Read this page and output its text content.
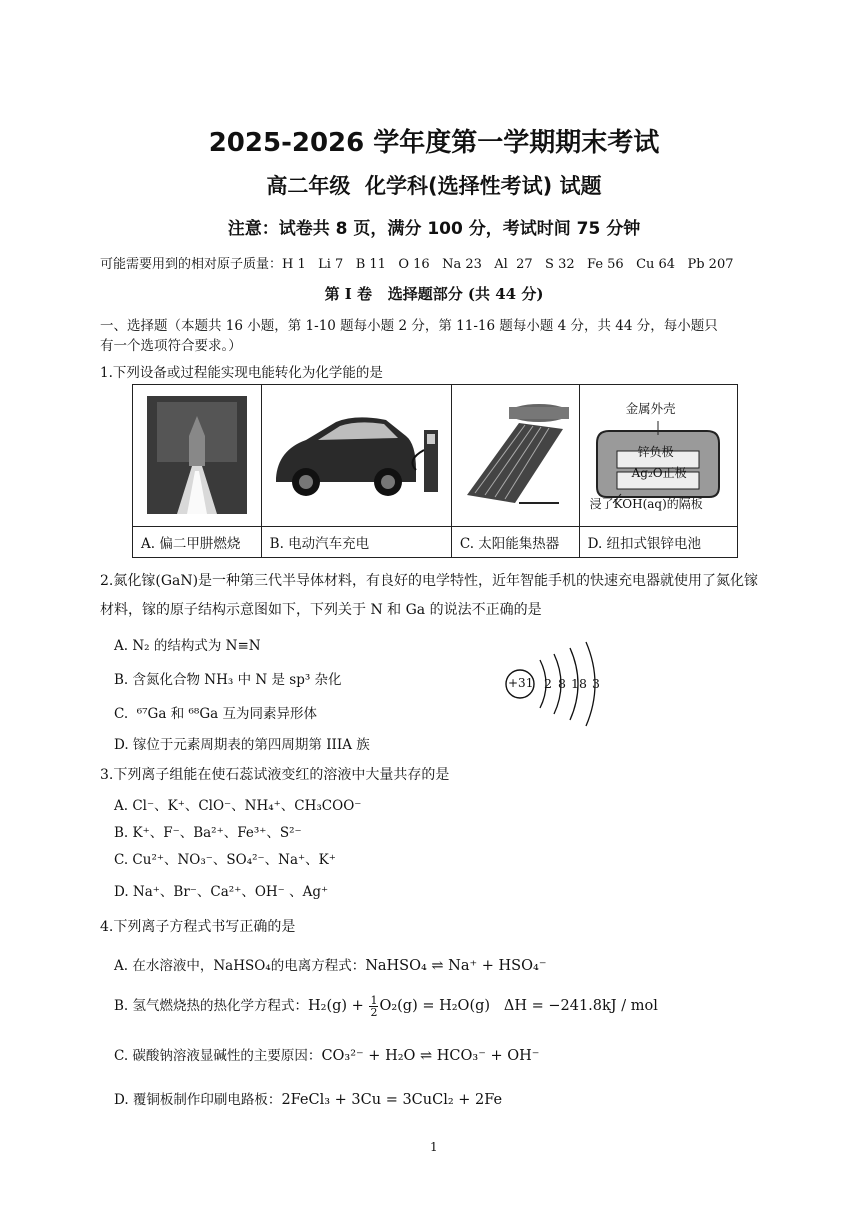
2025-2026 学年度第一学期期末考试
高二年级  化学科(选择性考试) 试题
注意：试卷共 8 页，满分 100 分，考试时间 75 分钟
可能需要用到的相对原子质量：H 1   Li 7   B 11   O 16   Na 23   Al  27   S 32   Fe 56   Cu 64   Pb 207
第 I 卷   选择题部分 (共 44 分)
一、选择题（本题共 16 小题，第 1-10 题每小题 2 分，第 11-16 题每小题 4 分，共 44 分，每小题只
有一个选项符合要求。）
1.下列设备或过程能实现电能转化为化学能的是

金属外壳
锌负极
Ag₂O正极
浸了KOH(aq)的隔板

A. 偏二甲肼燃烧	B. 电动汽车充电	C. 太阳能集热器	D. 纽扣式银锌电池
2.氮化镓(GaN)是一种第三代半导体材料，有良好的电学特性，近年智能手机的快速充电器就使用了氮化镓
材料，镓的原子结构示意图如下，下列关于 N 和 Ga 的说法不正确的是
A. N₂ 的结构式为 N≡N
B. 含氮化合物 NH₃ 中 N 是 sp³ 杂化
C.  ⁶⁷Ga 和 ⁶⁸Ga 互为同素异形体
D. 镓位于元素周期表的第四周期第 IIIA 族
+31 2 8 18 3
3.下列离子组能在使石蕊试液变红的溶液中大量共存的是
A. Cl⁻、K⁺、ClO⁻、NH₄⁺、CH₃COO⁻
B. K⁺、F⁻、Ba²⁺、Fe³⁺、S²⁻
C. Cu²⁺、NO₃⁻、SO₄²⁻、Na⁺、K⁺
D. Na⁺、Br⁻、Ca²⁺、OH⁻ 、Ag⁺
4.下列离子方程式书写正确的是
A. 在水溶液中，NaHSO₄的电离方程式：NaHSO₄ ⇌ Na⁺ + HSO₄⁻
B. 氢气燃烧热的热化学方程式：$H_2(g) + \frac{1}{2} O_2(g) = H_2O(g) \Delta H = -241.8kJ$ / mol
C. 碳酸钠溶液显碱性的主要原因：CO₃²⁻ + H₂O ⇌ HCO₃⁻ + OH⁻
D. 覆铜板制作印刷电路板：2FeCl₃ + 3Cu = 3CuCl₂ + 2Fe
1
